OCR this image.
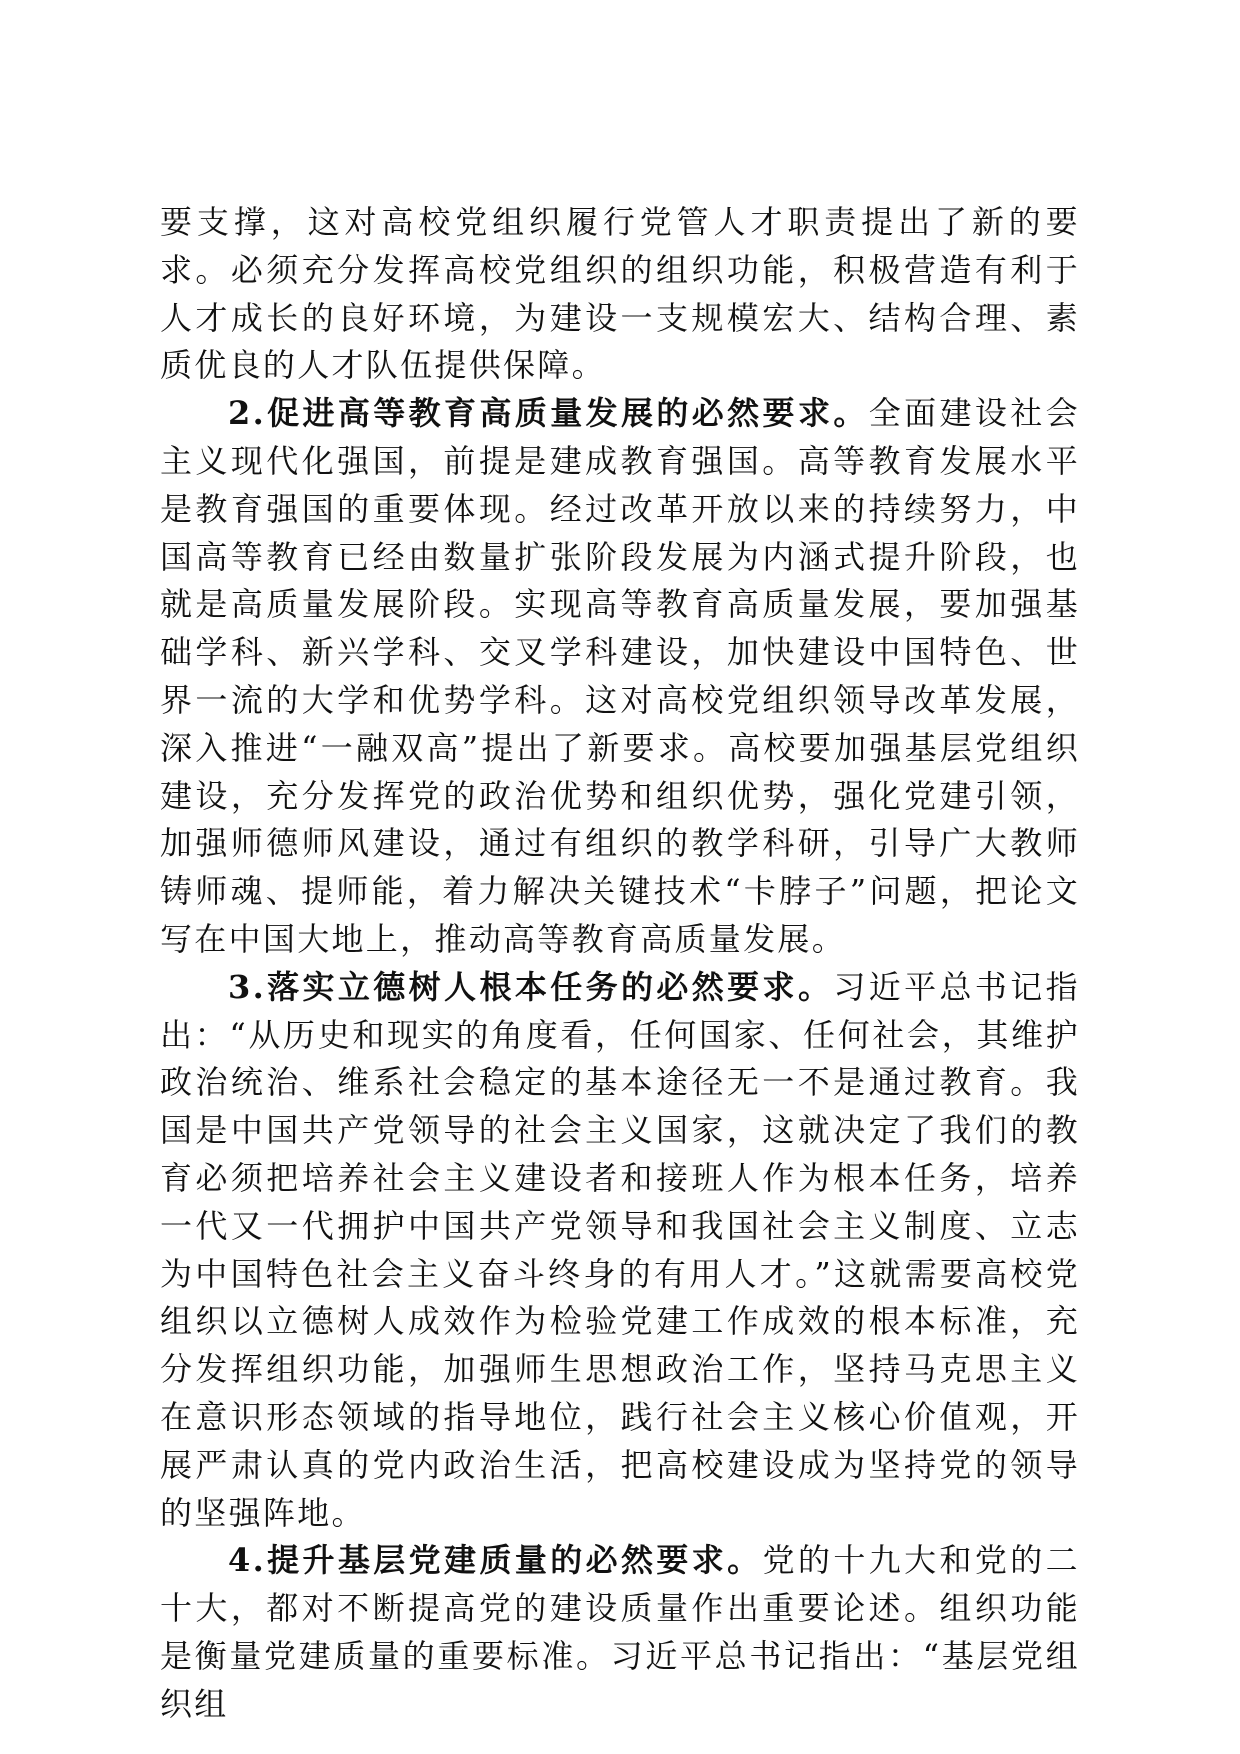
要支撑，这对高校党组织履行党管人才职责提出了新的要求。必须充分发挥高校党组织的组织功能，积极营造有利于人才成长的良好环境，为建设一支规模宏大、结构合理、素质优良的人才队伍提供保障。

2.促进高等教育高质量发展的必然要求。全面建设社会主义现代化强国，前提是建成教育强国。高等教育发展水平是教育强国的重要体现。经过改革开放以来的持续努力，中国高等教育已经由数量扩张阶段发展为内涵式提升阶段，也就是高质量发展阶段。实现高等教育高质量发展，要加强基础学科、新兴学科、交叉学科建设，加快建设中国特色、世界一流的大学和优势学科。这对高校党组织领导改革发展，深入推进“一融双高”提出了新要求。高校要加强基层党组织建设，充分发挥党的政治优势和组织优势，强化党建引领，加强师德师风建设，通过有组织的教学科研，引导广大教师铸师魂、提师能，着力解决关键技术“卡脖子”问题，把论文写在中国大地上，推动高等教育高质量发展。

3.落实立德树人根本任务的必然要求。习近平总书记指出：“从历史和现实的角度看，任何国家、任何社会，其维护政治统治、维系社会稳定的基本途径无一不是通过教育。我国是中国共产党领导的社会主义国家，这就决定了我们的教育必须把培养社会主义建设者和接班人作为根本任务，培养一代又一代拥护中国共产党领导和我国社会主义制度、立志为中国特色社会主义奋斗终身的有用人才。”这就需要高校党组织以立德树人成效作为检验党建工作成效的根本标准，充分发挥组织功能，加强师生思想政治工作，坚持马克思主义在意识形态领域的指导地位，践行社会主义核心价值观，开展严肃认真的党内政治生活，把高校建设成为坚持党的领导的坚强阵地。

4.提升基层党建质量的必然要求。党的十九大和党的二十大，都对不断提高党的建设质量作出重要论述。组织功能是衡量党建质量的重要标准。习近平总书记指出：“基层党组织组
